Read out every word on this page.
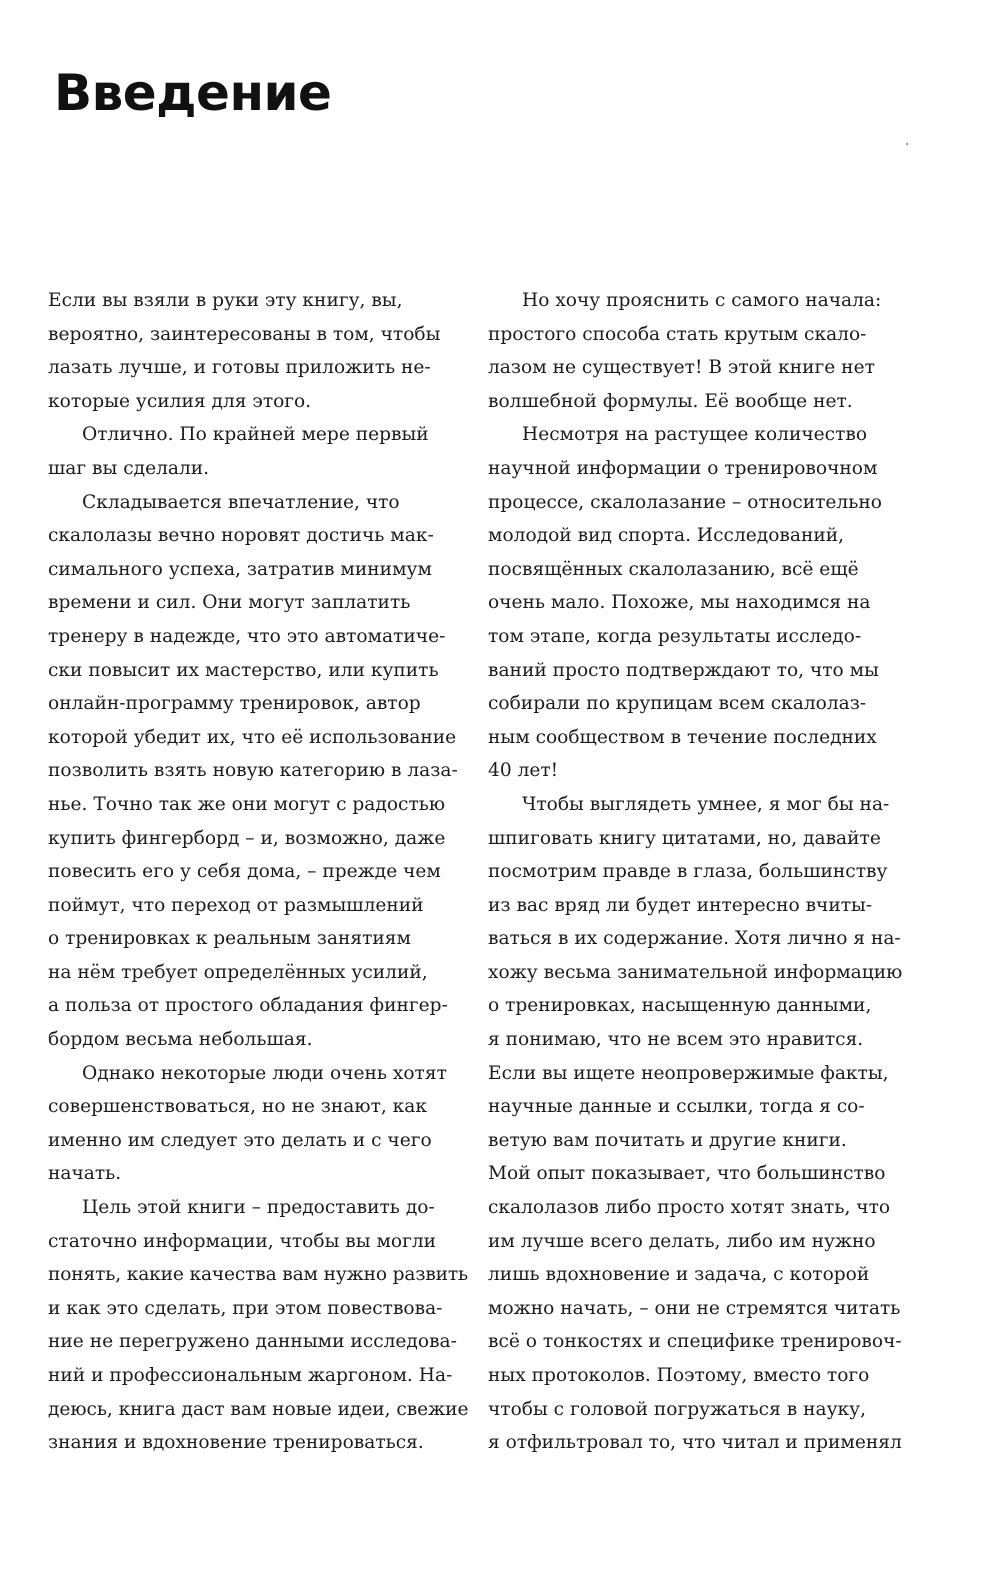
Введение
Если вы взяли в руки эту книгу, вы,
вероятно, заинтересованы в том, чтобы
лазать лучше, и готовы приложить не-
которые усилия для этого.
Отлично. По крайней мере первый
шаг вы сделали.
Складывается впечатление, что
скалолазы вечно норовят достичь мак-
симального успеха, затратив минимум
времени и сил. Они могут заплатить
тренеру в надежде, что это автоматиче-
ски повысит их мастерство, или купить
онлайн-программу тренировок, автор
которой убедит их, что её использование
позволить взять новую категорию в лаза-
нье. Точно так же они могут с радостью
купить фингерборд – и, возможно, даже
повесить его у себя дома, – прежде чем
поймут, что переход от размышлений
о тренировках к реальным занятиям
на нём требует определённых усилий,
а польза от простого обладания фингер-
бордом весьма небольшая.
Однако некоторые люди очень хотят
совершенствоваться, но не знают, как
именно им следует это делать и с чего
начать.
Цель этой книги – предоставить до-
статочно информации, чтобы вы могли
понять, какие качества вам нужно развить
и как это сделать, при этом повествова-
ние не перегружено данными исследова-
ний и профессиональным жаргоном. На-
деюсь, книга даст вам новые идеи, свежие
знания и вдохновение тренироваться.
Но хочу прояснить с самого начала:
простого способа стать крутым скало-
лазом не существует! В этой книге нет
волшебной формулы. Её вообще нет.
Несмотря на растущее количество
научной информации о тренировочном
процессе, скалолазание – относительно
молодой вид спорта. Исследований,
посвящённых скалолазанию, всё ещё
очень мало. Похоже, мы находимся на
том этапе, когда результаты исследо-
ваний просто подтверждают то, что мы
собирали по крупицам всем скалолаз-
ным сообществом в течение последних
40 лет!
Чтобы выглядеть умнее, я мог бы на-
шпиговать книгу цитатами, но, давайте
посмотрим правде в глаза, большинству
из вас вряд ли будет интересно вчиты-
ваться в их содержание. Хотя лично я на-
хожу весьма занимательной информацию
о тренировках, насыщенную данными,
я понимаю, что не всем это нравится.
Если вы ищете неопровержимые факты,
научные данные и ссылки, тогда я со-
ветую вам почитать и другие книги.
Мой опыт показывает, что большинство
скалолазов либо просто хотят знать, что
им лучше всего делать, либо им нужно
лишь вдохновение и задача, с которой
можно начать, – они не стремятся читать
всё о тонкостях и специфике тренировоч-
ных протоколов. Поэтому, вместо того
чтобы с головой погружаться в науку,
я отфильтровал то, что читал и применял
